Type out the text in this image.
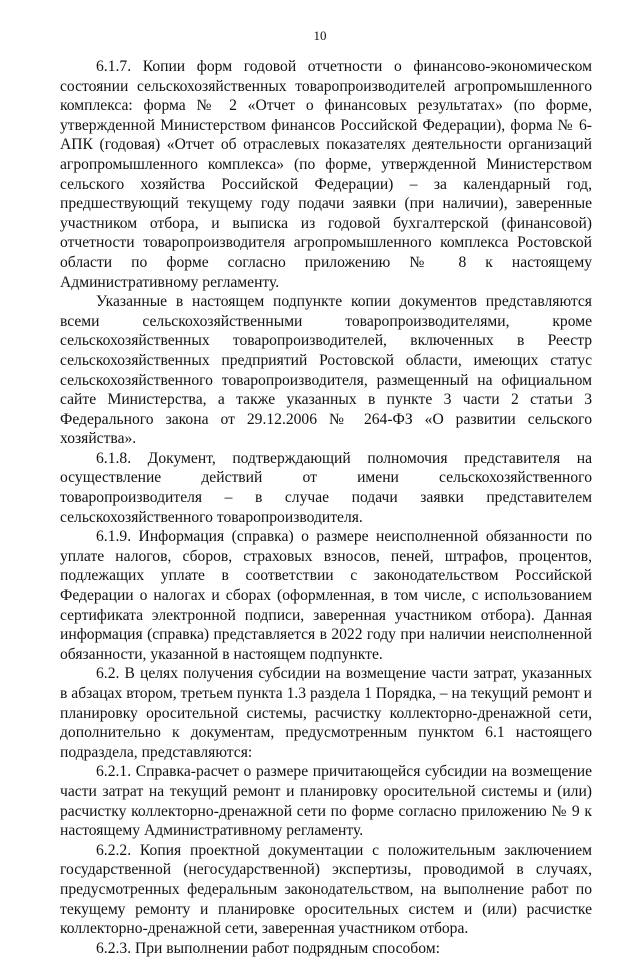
10

6.1.7. Копии форм годовой отчетности о финансово-экономическом состоянии сельскохозяйственных товаропроизводителей агропромышленного комплекса: форма № 2 «Отчет о финансовых результатах» (по форме, утвержденной Министерством финансов Российской Федерации), форма № 6-АПК (годовая) «Отчет об отраслевых показателях деятельности организаций агропромышленного комплекса» (по форме, утвержденной Министерством сельского хозяйства Российской Федерации) – за календарный год, предшествующий текущему году подачи заявки (при наличии), заверенные участником отбора, и выписка из годовой бухгалтерской (финансовой) отчетности товаропроизводителя агропромышленного комплекса Ростовской области по форме согласно приложению № 8 к настоящему Административному регламенту.

Указанные в настоящем подпункте копии документов представляются всеми сельскохозяйственными товаропроизводителями, кроме сельскохозяйственных товаропроизводителей, включенных в Реестр сельскохозяйственных предприятий Ростовской области, имеющих статус сельскохозяйственного товаропроизводителя, размещенный на официальном сайте Министерства, а также указанных в пункте 3 части 2 статьи 3 Федерального закона от 29.12.2006 № 264-ФЗ «О развитии сельского хозяйства».

6.1.8. Документ, подтверждающий полномочия представителя на осуществление действий от имени сельскохозяйственного товаропроизводителя – в случае подачи заявки представителем сельскохозяйственного товаропроизводителя.

6.1.9. Информация (справка) о размере неисполненной обязанности по уплате налогов, сборов, страховых взносов, пеней, штрафов, процентов, подлежащих уплате в соответствии с законодательством Российской Федерации о налогах и сборах (оформленная, в том числе, с использованием сертификата электронной подписи, заверенная участником отбора). Данная информация (справка) представляется в 2022 году при наличии неисполненной обязанности, указанной в настоящем подпункте.

6.2. В целях получения субсидии на возмещение части затрат, указанных в абзацах втором, третьем пункта 1.3 раздела 1 Порядка, – на текущий ремонт и планировку оросительной системы, расчистку коллекторно-дренажной сети, дополнительно к документам, предусмотренным пунктом 6.1 настоящего подраздела, представляются:

6.2.1. Справка-расчет о размере причитающейся субсидии на возмещение части затрат на текущий ремонт и планировку оросительной системы и (или) расчистку коллекторно-дренажной сети по форме согласно приложению № 9 к настоящему Административному регламенту.

6.2.2. Копия проектной документации с положительным заключением государственной (негосударственной) экспертизы, проводимой в случаях, предусмотренных федеральным законодательством, на выполнение работ по текущему ремонту и планировке оросительных систем и (или) расчистке коллекторно-дренажной сети, заверенная участником отбора.

6.2.3. При выполнении работ подрядным способом:
